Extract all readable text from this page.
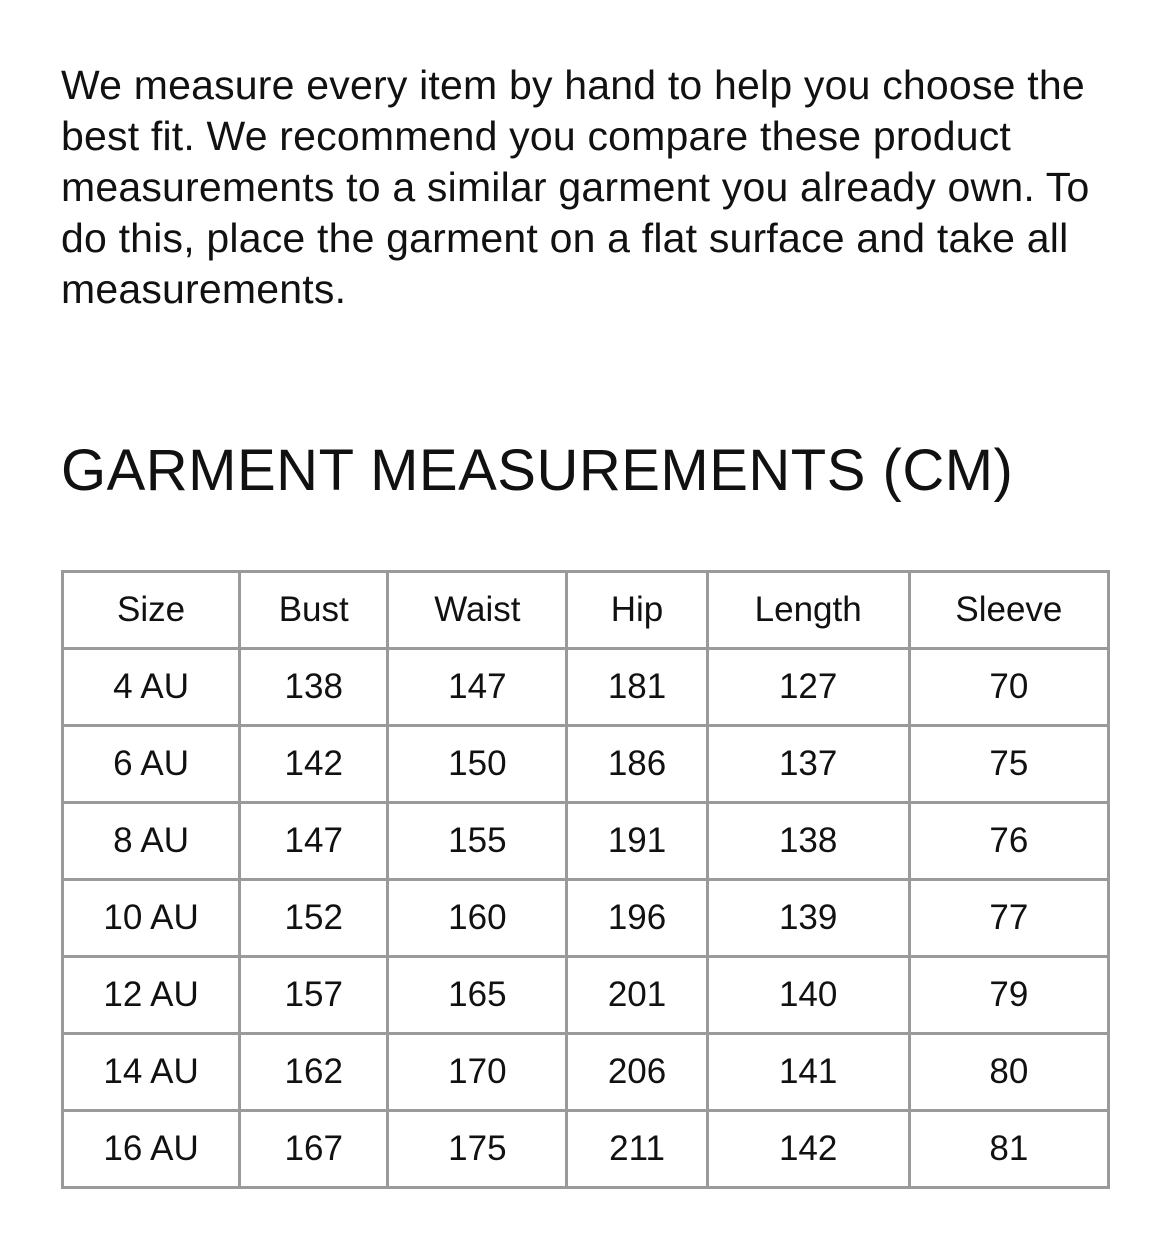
We measure every item by hand to help you choose the best fit. We recommend you compare these product measurements to a similar garment you already own. To do this, place the garment on a flat surface and take all measurements.

GARMENT MEASUREMENTS (CM)
Size	Bust	Waist	Hip	Length	Sleeve
4 AU	138	147	181	127	70
6 AU	142	150	186	137	75
8 AU	147	155	191	138	76
10 AU	152	160	196	139	77
12 AU	157	165	201	140	79
14 AU	162	170	206	141	80
16 AU	167	175	211	142	81
